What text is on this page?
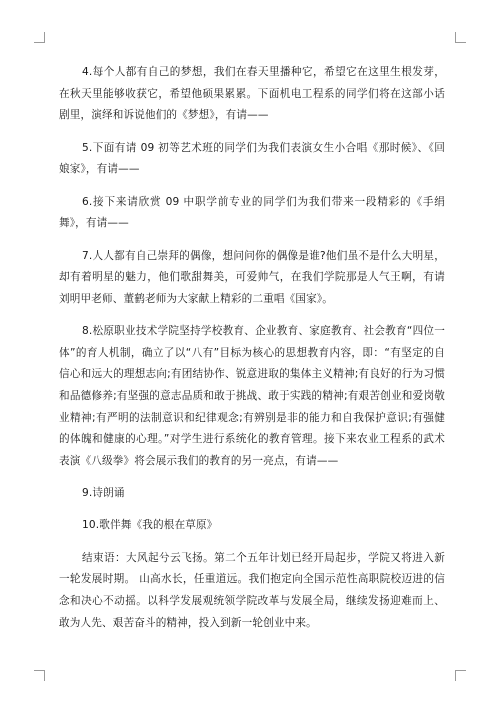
4.每个人都有自己的梦想，我们在春天里播种它，希望它在这里生根发芽，在秋天里能够收获它，希望他硕果累累。下面机电工程系的同学们将在这部小话剧里，演绎和诉说他们的《梦想》，有请——

5.下面有请 09 初等艺术班的同学们为我们表演女生小合唱《那时候》、《回娘家》，有请——

6.接下来请欣赏 09 中职学前专业的同学们为我们带来一段精彩的《手绢舞》，有请——

7.人人都有自己崇拜的偶像，想问问你的偶像是谁?他们虽不是什么大明星，却有着明星的魅力，他们歌甜舞美，可爱帅气，在我们学院那是人气王啊，有请刘明甲老师、董鹤老师为大家献上精彩的二重唱《国家》。

8.松原职业技术学院坚持学校教育、企业教育、家庭教育、社会教育“四位一体”的育人机制，确立了以“八有”目标为核心的思想教育内容，即：“有坚定的自信心和远大的理想志向;有团结协作、锐意进取的集体主义精神;有良好的行为习惯和品德修养;有坚强的意志品质和敢于挑战、敢于实践的精神;有艰苦创业和爱岗敬业精神;有严明的法制意识和纪律观念;有辨别是非的能力和自我保护意识;有强健的体魄和健康的心理。”对学生进行系统化的教育管理。接下来农业工程系的武术表演《八级拳》将会展示我们的教育的另一亮点，有请——

9.诗朗诵

10.歌伴舞《我的根在草原》

结束语：大风起兮云飞扬。第二个五年计划已经开局起步，学院又将进入新一轮发展时期。 山高水长，任重道远。我们抱定向全国示范性高职院校迈进的信念和决心不动摇。以科学发展观统领学院改革与发展全局，继续发扬迎难而上、敢为人先、艰苦奋斗的精神，投入到新一轮创业中来。
